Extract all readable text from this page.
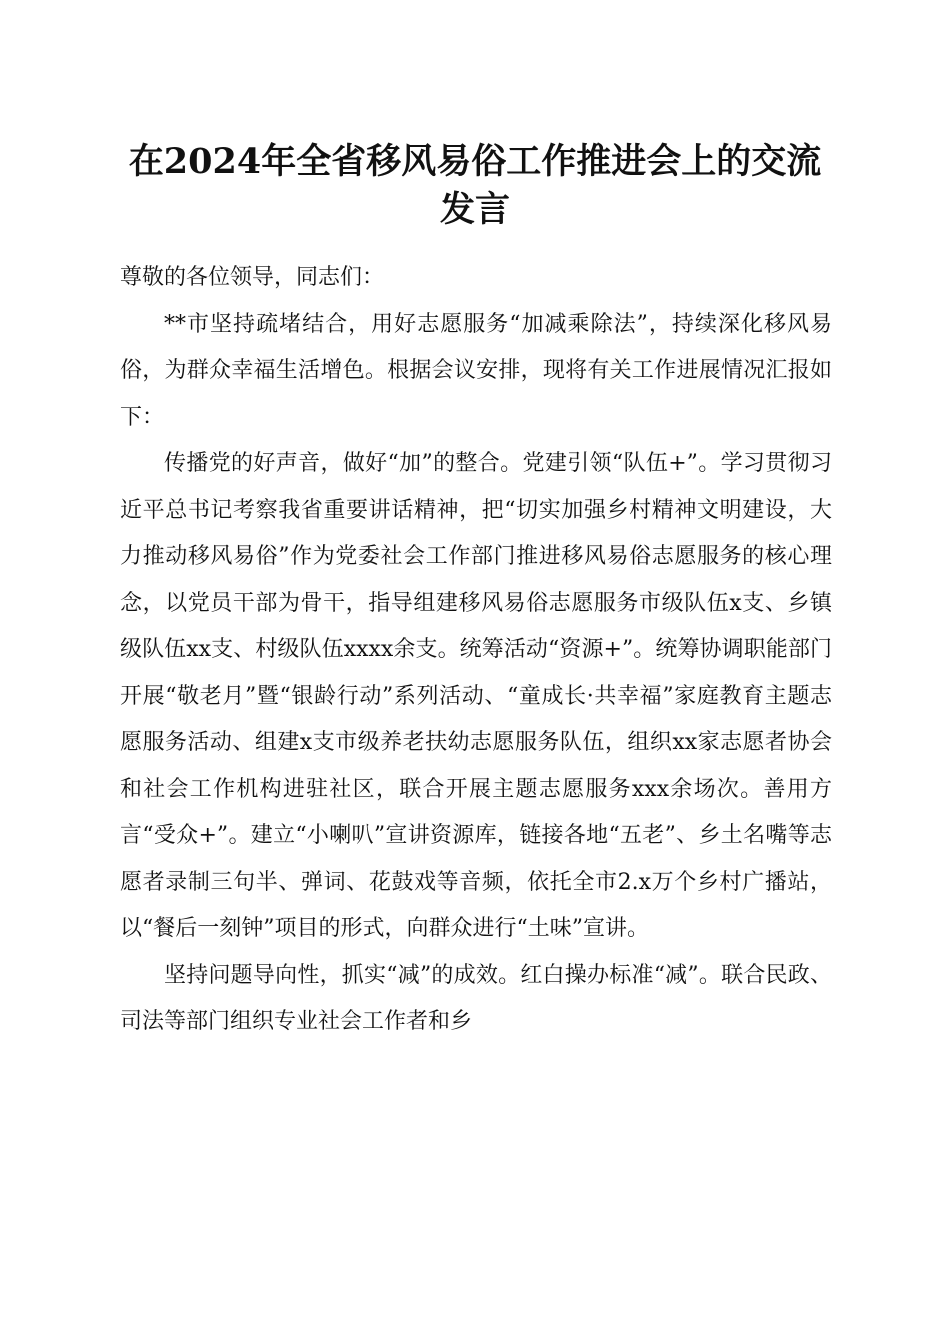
在2024年全省移风易俗工作推进会上的交流
发言

尊敬的各位领导，同志们：

**市坚持疏堵结合，用好志愿服务“加减乘除法”，持续深化移风易俗，为群众幸福生活增色。根据会议安排，现将有关工作进展情况汇报如下：

传播党的好声音，做好“加”的整合。党建引领“队伍+”。学习贯彻习近平总书记考察我省重要讲话精神，把“切实加强乡村精神文明建设，大力推动移风易俗”作为党委社会工作部门推进移风易俗志愿服务的核心理念，以党员干部为骨干，指导组建移风易俗志愿服务市级队伍x支、乡镇级队伍xx支、村级队伍xxxx余支。统筹活动“资源+”。统筹协调职能部门开展“敬老月”暨“银龄行动”系列活动、“童成长·共幸福”家庭教育主题志愿服务活动、组建x支市级养老扶幼志愿服务队伍，组织xx家志愿者协会和社会工作机构进驻社区，联合开展主题志愿服务xxx余场次。善用方言“受众+”。建立“小喇叭”宣讲资源库，链接各地“五老”、乡土名嘴等志愿者录制三句半、弹词、花鼓戏等音频，依托全市2.x万个乡村广播站，以“餐后一刻钟”项目的形式，向群众进行“土味”宣讲。

坚持问题导向性，抓实“减”的成效。红白操办标准“减”。联合民政、司法等部门组织专业社会工作者和乡
